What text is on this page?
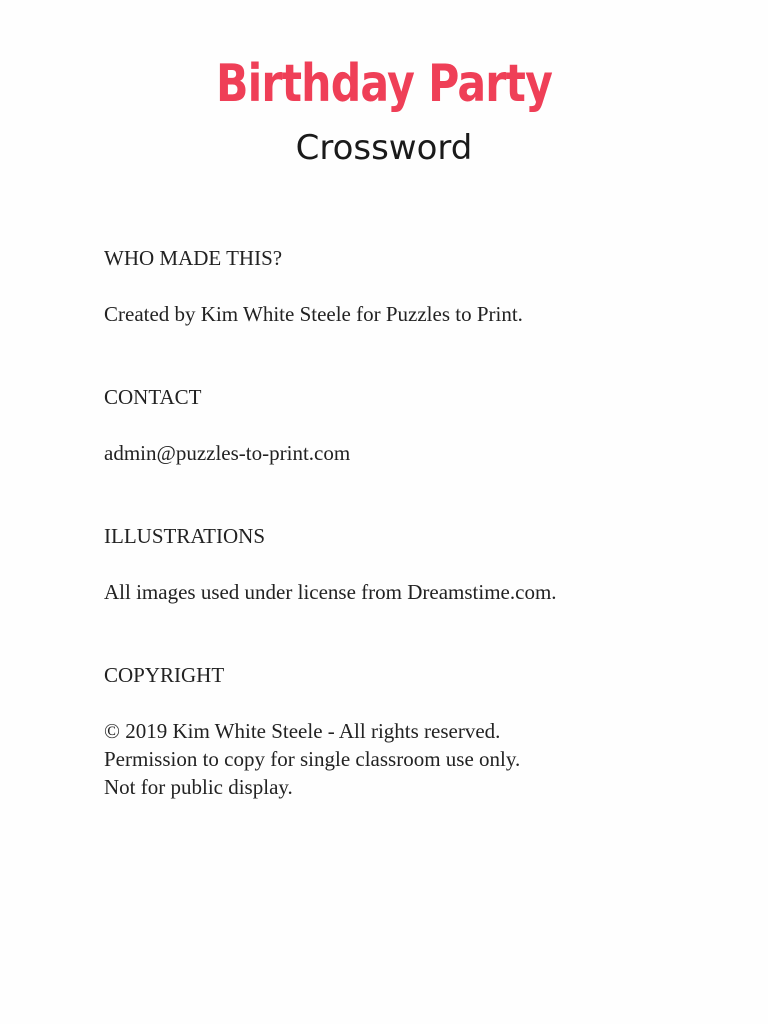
Birthday Party
Crossword

WHO MADE THIS?

Created by Kim White Steele for Puzzles to Print.

CONTACT

admin@puzzles-to-print.com

ILLUSTRATIONS

All images used under license from Dreamstime.com.

COPYRIGHT

© 2019 Kim White Steele - All rights reserved.
Permission to copy for single classroom use only.
Not for public display.
